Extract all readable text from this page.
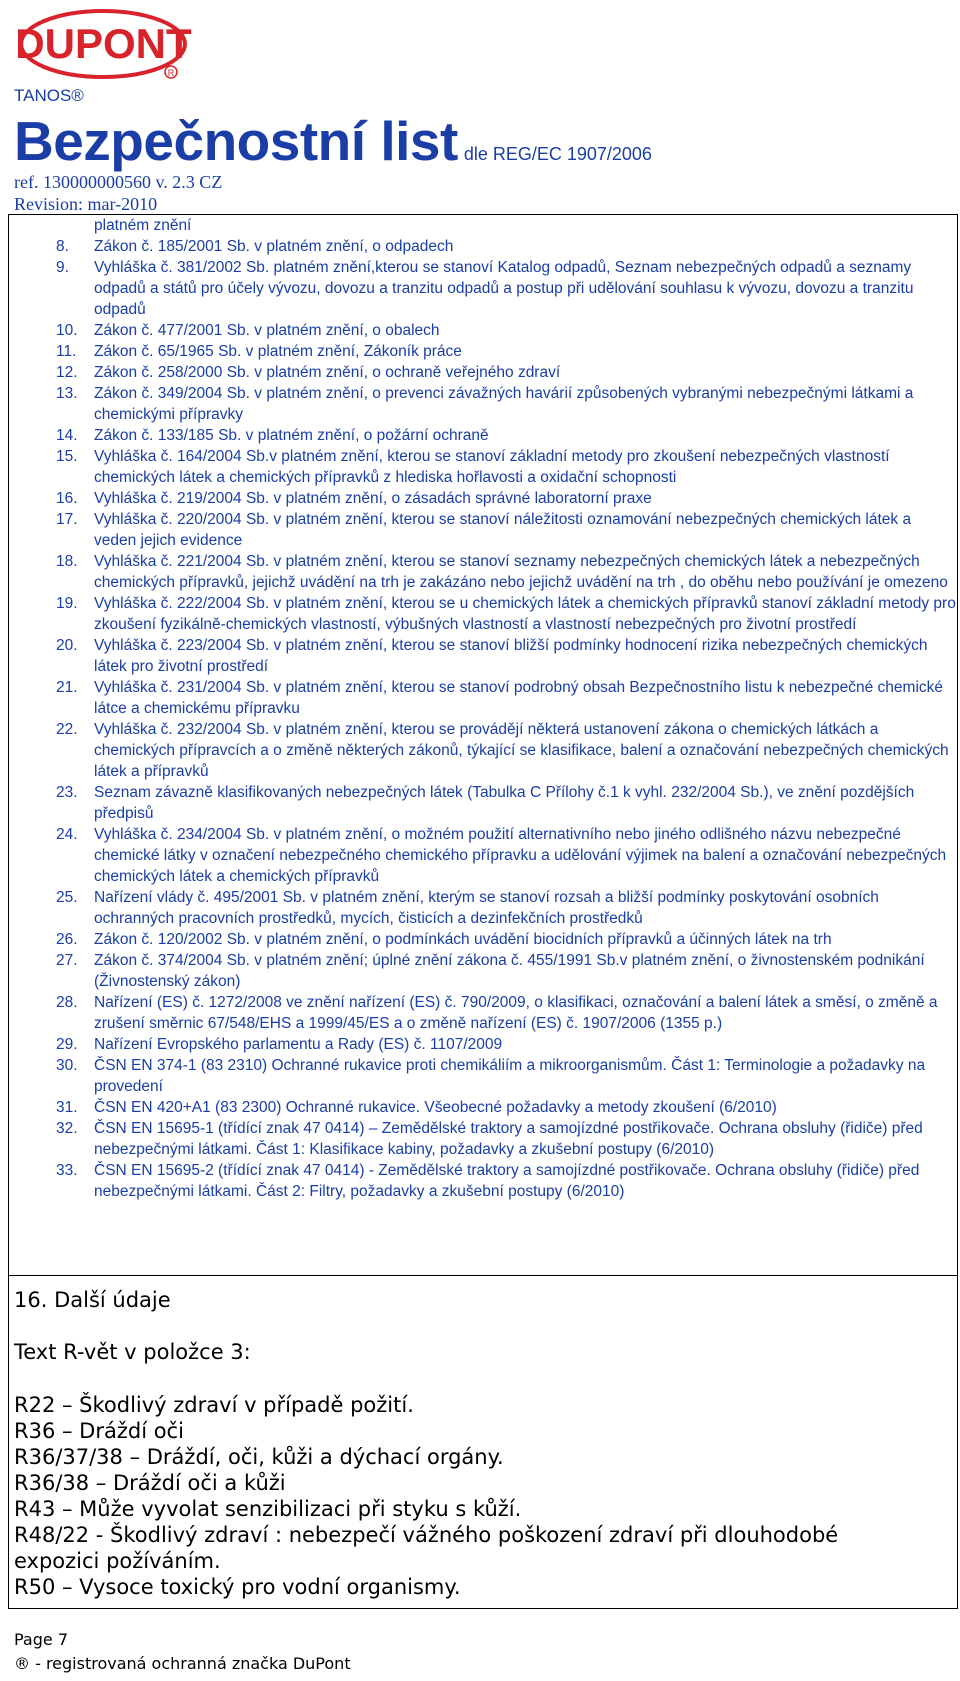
DUPONT
R
TANOS®
Bezpečnostní list dle REG/EC 1907/2006
ref. 130000000560 v. 2.3 CZ
Revision: mar-2010
platném znění
8. Zákon č. 185/2001 Sb. v platném znění, o odpadech
9. Vyhláška č. 381/2002 Sb. platném znění,kterou se stanoví Katalog odpadů, Seznam nebezpečných odpadů a seznamy odpadů a států pro účely vývozu, dovozu a tranzitu odpadů a postup při udělování souhlasu k vývozu, dovozu a tranzitu odpadů
10. Zákon č. 477/2001 Sb. v platném znění, o obalech
11. Zákon č. 65/1965 Sb. v platném znění, Zákoník práce
12. Zákon č. 258/2000 Sb. v platném znění, o ochraně veřejného zdraví
13. Zákon č. 349/2004 Sb. v platném znění, o prevenci závažných havárií způsobených vybranými nebezpečnými látkami a chemickými přípravky
14. Zákon č. 133/185 Sb. v platném znění, o požární ochraně
15. Vyhláška č. 164/2004 Sb.v platném znění, kterou se stanoví základní metody pro zkoušení nebezpečných vlastností chemických látek a chemických přípravků z hlediska hořlavosti a oxidační schopnosti
16. Vyhláška č. 219/2004 Sb. v platném znění, o zásadách správné laboratorní praxe
17. Vyhláška č. 220/2004 Sb. v platném znění, kterou se stanoví náležitosti oznamování nebezpečných chemických látek a veden jejich evidence
18. Vyhláška č. 221/2004 Sb. v platném znění, kterou se stanoví seznamy nebezpečných chemických látek a nebezpečných chemických přípravků, jejichž uvádění na trh je zakázáno nebo jejichž uvádění na trh , do oběhu nebo používání je omezeno
19. Vyhláška č. 222/2004 Sb. v platném znění, kterou se u chemických látek a chemických přípravků stanoví základní metody pro zkoušení fyzikálně-chemických vlastností, výbušných vlastností a vlastností nebezpečných pro životní prostředí
20. Vyhláška č. 223/2004 Sb. v platném znění, kterou se stanoví bližší podmínky hodnocení rizika nebezpečných chemických látek pro životní prostředí
21. Vyhláška č. 231/2004 Sb. v platném znění, kterou se stanoví podrobný obsah Bezpečnostního listu k nebezpečné chemické látce a chemickému přípravku
22. Vyhláška č. 232/2004 Sb. v platném znění, kterou se provádějí některá ustanovení zákona o chemických látkách a chemických přípravcích a o změně některých zákonů, týkající se klasifikace, balení a označování nebezpečných chemických látek a přípravků
23. Seznam závazně klasifikovaných nebezpečných látek (Tabulka C Přílohy č.1 k vyhl. 232/2004 Sb.), ve znění pozdějších předpisů
24. Vyhláška č. 234/2004 Sb. v platném znění, o možném použití alternativního nebo jiného odlišného názvu nebezpečné chemické látky v označení nebezpečného chemického přípravku a udělování výjimek na balení a označování nebezpečných chemických látek a chemických přípravků
25. Nařízení vlády č. 495/2001 Sb. v platném znění, kterým se stanoví rozsah a bližší podmínky poskytování osobních ochranných pracovních prostředků, mycích, čisticích a dezinfekčních prostředků
26. Zákon č. 120/2002 Sb. v platném znění, o podmínkách uvádění biocidních přípravků a účinných látek na trh
27. Zákon č. 374/2004 Sb. v platném znění; úplné znění zákona č. 455/1991 Sb.v platném znění, o živnostenském podnikání (Živnostenský zákon)
28. Nařízení (ES) č. 1272/2008 ve znění nařízení (ES) č. 790/2009, o klasifikaci, označování a balení látek a směsí, o změně a zrušení směrnic 67/548/EHS a 1999/45/ES a o změně nařízení (ES) č. 1907/2006 (1355 p.)
29. Nařízení Evropského parlamentu a Rady (ES) č. 1107/2009
30. ČSN EN 374-1 (83 2310) Ochranné rukavice proti chemikáliím a mikroorganismům. Část 1: Terminologie a požadavky na provedení
31. ČSN EN 420+A1 (83 2300) Ochranné rukavice. Všeobecné požadavky a metody zkoušení (6/2010)
32. ČSN EN 15695-1 (třídící znak 47 0414) – Zemědělské traktory a samojízdné postřikovače. Ochrana obsluhy (řidiče) před nebezpečnými látkami. Část 1: Klasifikace kabiny, požadavky a zkušební postupy (6/2010)
33. ČSN EN 15695-2 (třídící znak 47 0414) - Zemědělské traktory a samojízdné postřikovače. Ochrana obsluhy (řidiče) před nebezpečnými látkami. Část 2: Filtry, požadavky a zkušební postupy (6/2010)
16. Další údaje
Text R-vět v položce 3:
R22 – Škodlivý zdraví v případě požití.
R36 – Dráždí oči
R36/37/38 – Dráždí, oči, kůži a dýchací orgány.
R36/38 – Dráždí oči a kůži
R43 – Může vyvolat senzibilizaci při styku s kůží.
R48/22 - Škodlivý zdraví : nebezpečí vážného poškození zdraví při dlouhodobé expozici požíváním.
R50 – Vysoce toxický pro vodní organismy.
Page 7
® - registrovaná ochranná značka DuPont
